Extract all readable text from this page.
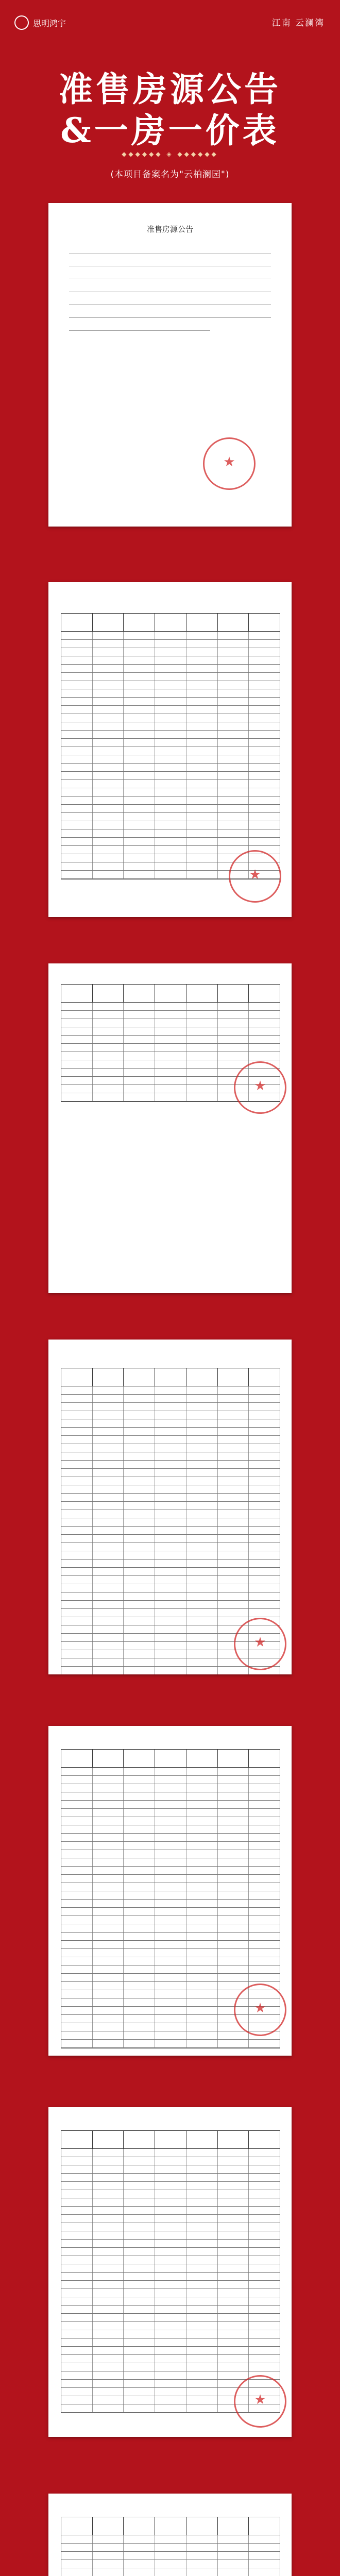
思明鸿宇	江南 云澜湾
准售房源公告
&一房一价表
◆◆◆◆◆◆ ◈ ◆◆◆◆◆◆
(本项目备案名为"云柏澜园")
准售房源公告
★
★
★
★
★
★
